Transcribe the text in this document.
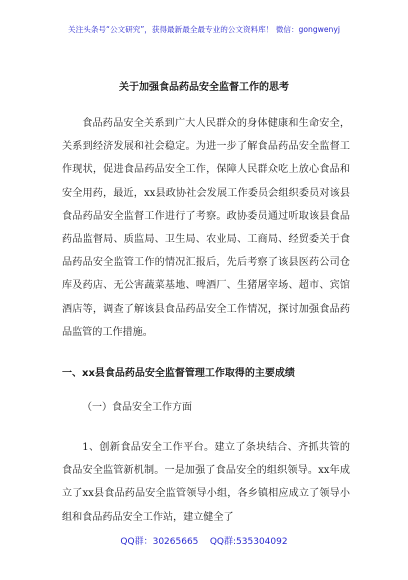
关注头条号“公文研究”，获得最新最全最专业的公文资料库！ 微信：gongwenyj
关于加强食品药品安全监督工作的思考

食品药品安全关系到广大人民群众的身体健康和生命安全，关系到经济发展和社会稳定。为进一步了解食品药品安全监督工作现状，促进食品药品安全工作，保障人民群众吃上放心食品和安全用药，最近，xx县政协社会发展工作委员会组织委员对该县食品药品安全监督工作进行了考察。政协委员通过听取该县食品药品监督局、质监局、卫生局、农业局、工商局、经贸委关于食品药品安全监管工作的情况汇报后，先后考察了该县医药公司仓库及药店、无公害蔬菜基地、啤酒厂、生猪屠宰场、超市、宾馆酒店等，调查了解该县食品药品安全工作情况，探讨加强食品药品监管的工作措施。

一、xx县食品药品安全监督管理工作取得的主要成绩
（一）食品安全工作方面

1、创新食品安全工作平台。建立了条块结合、齐抓共管的食品安全监管新机制。一是加强了食品安全的组织领导。xx年成立了xx县食品药品安全监管领导小组，各乡镇相应成立了领导小组和食品药品安全工作站，建立健全了

QQ群：30265665    QQ群:535304092
